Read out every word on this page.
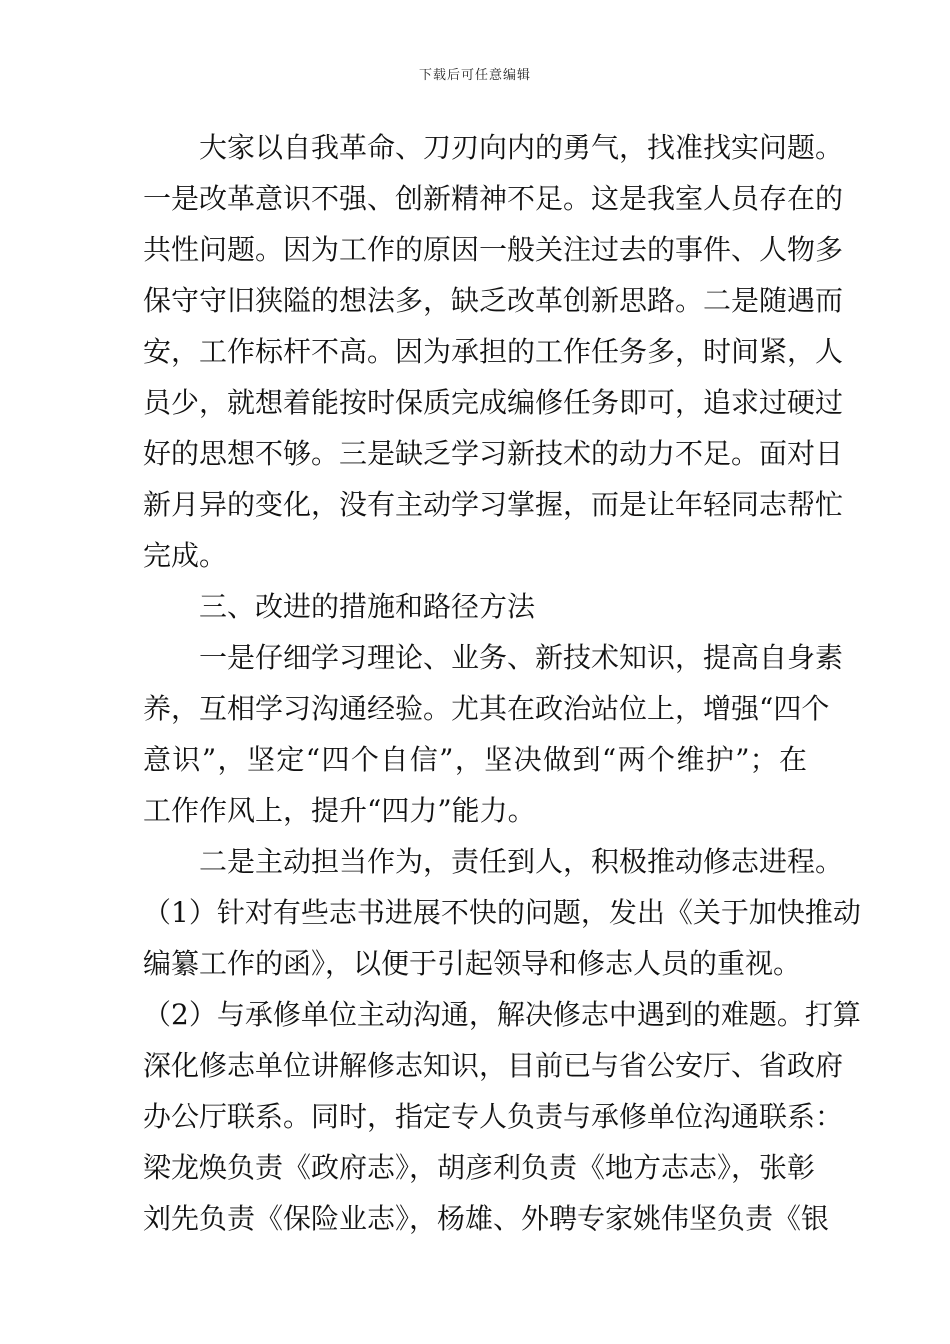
下载后可任意编辑
　　大家以自我革命、刀刃向内的勇气，找准找实问题。
一是改革意识不强、创新精神不足。这是我室人员存在的
共性问题。因为工作的原因一般关注过去的事件、人物多
保守守旧狭隘的想法多，缺乏改革创新思路。二是随遇而
安，工作标杆不高。因为承担的工作任务多，时间紧，人
员少，就想着能按时保质完成编修任务即可，追求过硬过
好的思想不够。三是缺乏学习新技术的动力不足。面对日
新月异的变化，没有主动学习掌握，而是让年轻同志帮忙
完成。
　　三、改进的措施和路径方法
　　一是仔细学习理论、业务、新技术知识，提高自身素
养，互相学习沟通经验。尤其在政治站位上，增强“四个
意识”，坚定“四个自信”，坚决做到“两个维护”；在
工作作风上，提升“四力”能力。
　　二是主动担当作为，责任到人，积极推动修志进程。
（1）针对有些志书进展不快的问题，发出《关于加快推动
编纂工作的函》，以便于引起领导和修志人员的重视。
（2）与承修单位主动沟通，解决修志中遇到的难题。打算
深化修志单位讲解修志知识，目前已与省公安厅、省政府
办公厅联系。同时，指定专人负责与承修单位沟通联系：
梁龙焕负责《政府志》，胡彦利负责《地方志志》，张彰
刘先负责《保险业志》，杨雄、外聘专家姚伟坚负责《银
